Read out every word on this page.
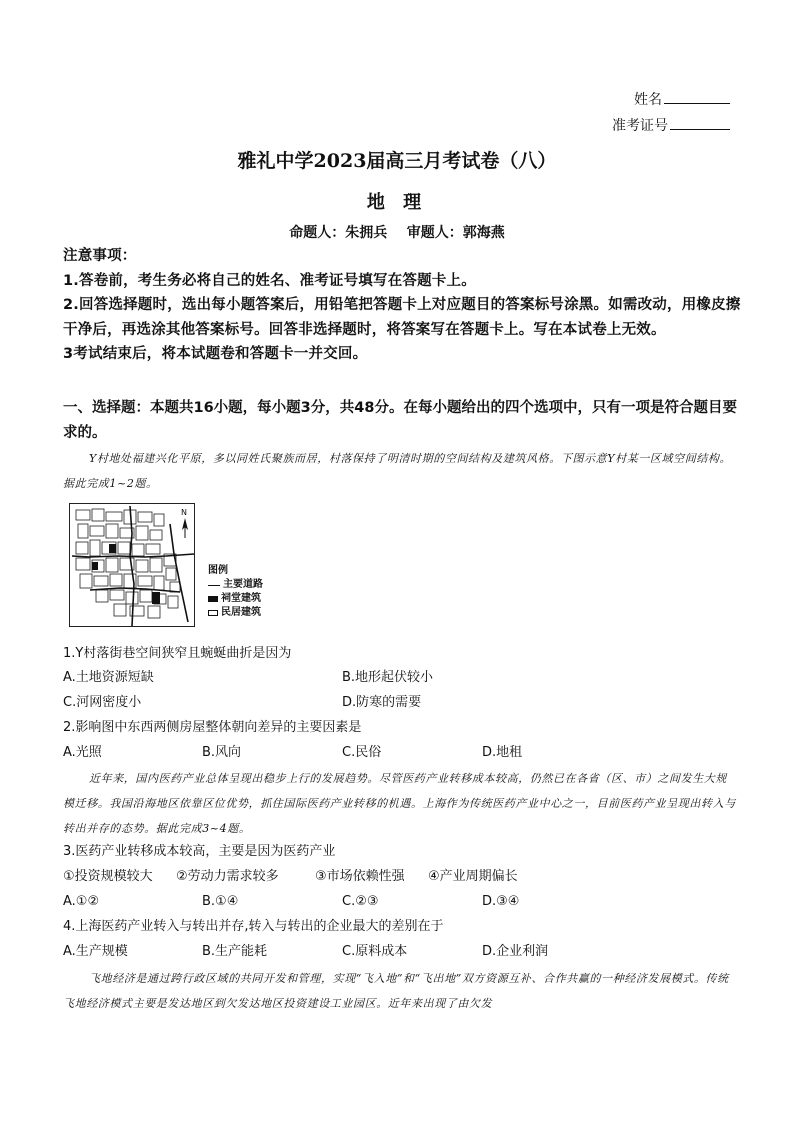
姓名
准考证号
雅礼中学2023届高三月考试卷（八）
地 理
命题人：朱拥兵    审题人：郭海燕

注意事项：

1.答卷前，考生务必将自己的姓名、准考证号填写在答题卡上。

2.回答选择题时，选出每小题答案后，用铅笔把答题卡上对应题目的答案标号涂黑。如需改动，用橡皮擦干净后，再选涂其他答案标号。回答非选择题时，将答案写在答题卡上。写在本试卷上无效。

3考试结束后，将本试题卷和答题卡一并交回。

一、选择题：本题共16小题，每小题3分，共48分。在每小题给出的四个选项中，只有一项是符合题目要求的。

Y村地处福建兴化平原，多以同姓氏聚族而居，村落保持了明清时期的空间结构及建筑风格。下图示意Y村某一区域空间结构。据此完成1~2题。

N
图例
主要道路
祠堂建筑
民居建筑
1.Y村落街巷空间狭窄且蜿蜒曲折是因为
A.土地资源短缺	B.地形起伏较小
C.河网密度小	D.防寒的需要
2.影响图中东西两侧房屋整体朝向差异的主要因素是
A.光照	B.风向	C.民俗	D.地租

近年来，国内医药产业总体呈现出稳步上行的发展趋势。尽管医药产业转移成本较高，仍然已在各省（区、市）之间发生大规模迁移。我国沿海地区依靠区位优势，抓住国际医药产业转移的机遇。上海作为传统医药产业中心之一，目前医药产业呈现出转入与转出并存的态势。据此完成3~4题。

3.医药产业转移成本较高，主要是因为医药产业
①投资规模较大 ②劳动力需求较多	③市场依赖性强 ④产业周期偏长
A.①②	B.①④	C.②③	D.③④
4.上海医药产业转入与转出并存,转入与转出的企业最大的差别在于
A.生产规模	B.生产能耗	C.原料成本	D.企业利润

飞地经济是通过跨行政区域的共同开发和管理，实现“飞入地”和“飞出地”双方资源互补、合作共赢的一种经济发展模式。传统飞地经济模式主要是发达地区到欠发达地区投资建设工业园区。近年来出现了由欠发
